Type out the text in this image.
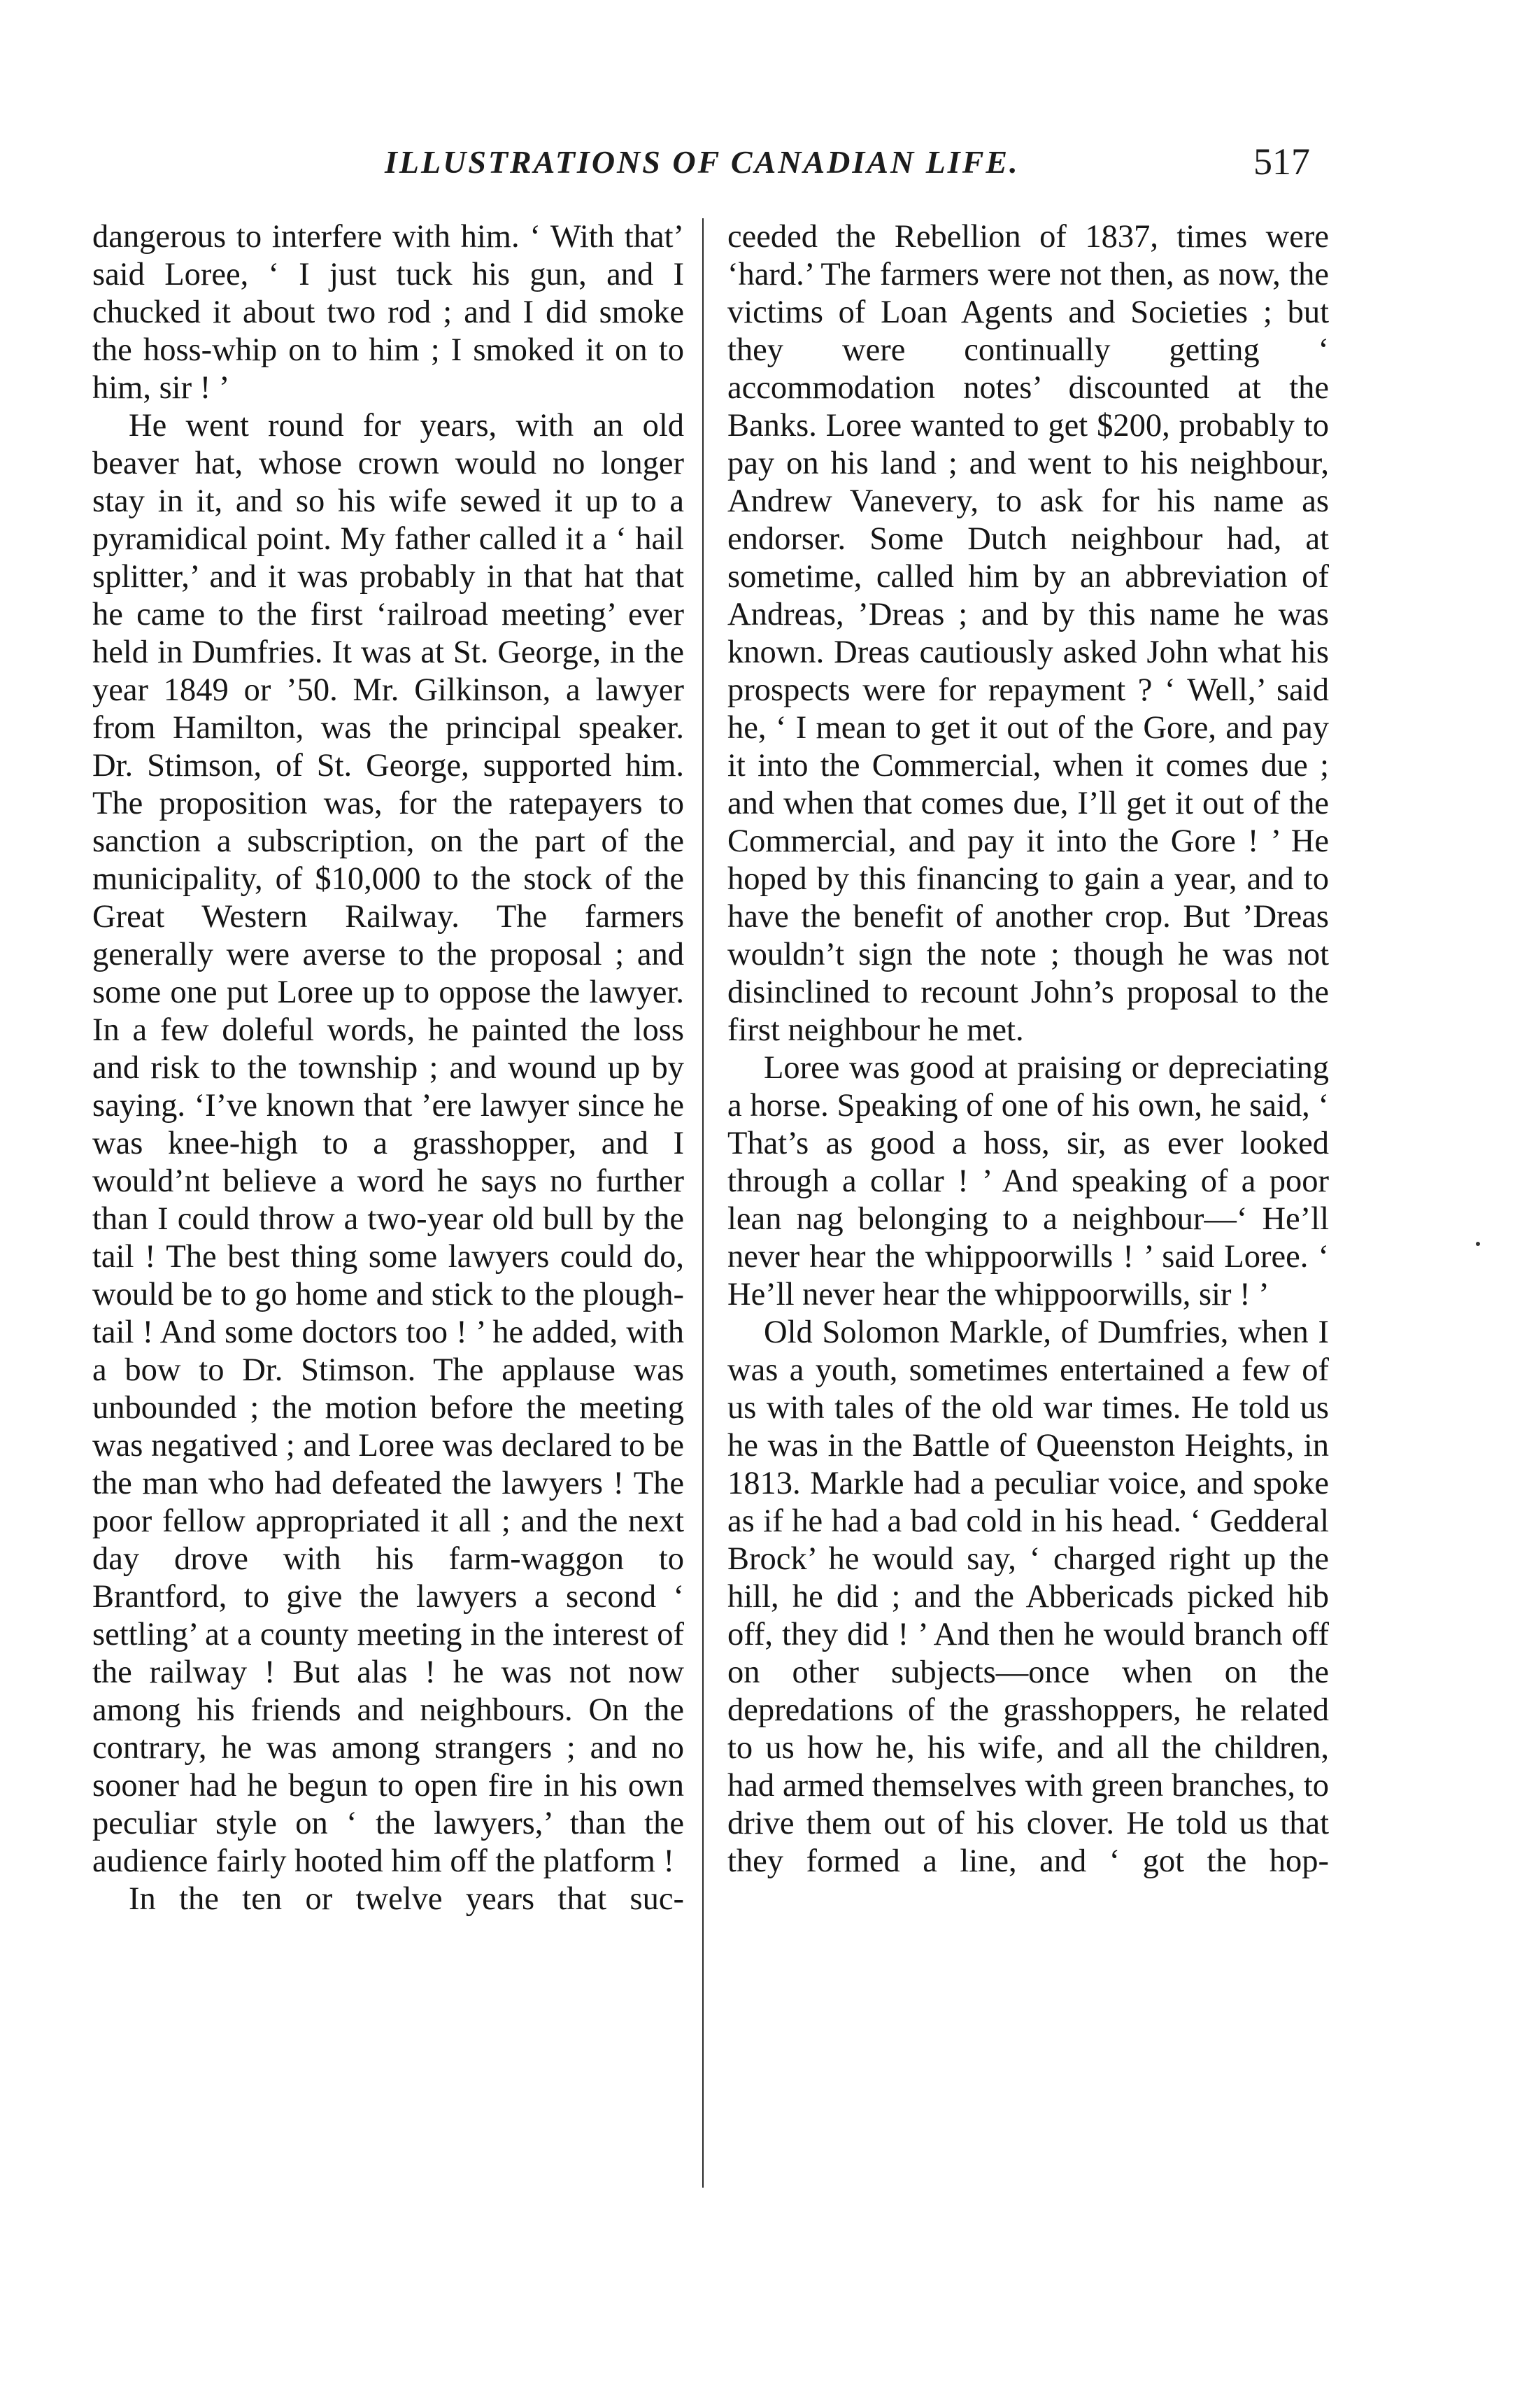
ILLUSTRATIONS OF CANADIAN LIFE.	517

dangerous to interfere with him. ‘ With that’ said Loree, ‘ I just tuck his gun, and I chucked it about two rod ; and I did smoke the hoss-whip on to him ; I smoked it on to him, sir ! ’

He went round for years, with an old beaver hat, whose crown would no longer stay in it, and so his wife sewed it up to a pyramidical point. My father called it a ‘ hail splitter,’ and it was probably in that hat that he came to the first ‘railroad meeting’ ever held in Dumfries. It was at St. George, in the year 1849 or ’50. Mr. Gilkinson, a lawyer from Hamilton, was the principal speaker. Dr. Stimson, of St. George, supported him. The proposition was, for the ratepayers to sanction a subscription, on the part of the municipality, of $10,000 to the stock of the Great Western Railway. The farmers generally were averse to the proposal ; and some one put Loree up to oppose the lawyer. In a few doleful words, he painted the loss and risk to the township ; and wound up by saying. ‘I’ve known that ’ere lawyer since he was knee-high to a grasshopper, and I would’nt believe a word he says no further than I could throw a two-year old bull by the tail ! The best thing some lawyers could do, would be to go home and stick to the plough-tail ! And some doctors too ! ’ he added, with a bow to Dr. Stimson. The applause was unbounded ; the motion before the meeting was negatived ; and Loree was declared to be the man who had defeated the lawyers ! The poor fellow appropriated it all ; and the next day drove with his farm-waggon to Brantford, to give the lawyers a second ‘ settling’ at a county meeting in the interest of the railway ! But alas ! he was not now among his friends and neighbours. On the contrary, he was among strangers ; and no sooner had he begun to open fire in his own peculiar style on ‘ the lawyers,’ than the audience fairly hooted him off the platform !

In the ten or twelve years that suc-

ceeded the Rebellion of 1837, times were ‘hard.’ The farmers were not then, as now, the victims of Loan Agents and Societies ; but they were continually getting ‘ accommodation notes’ discounted at the Banks. Loree wanted to get $200, probably to pay on his land ; and went to his neighbour, Andrew Vanevery, to ask for his name as endorser. Some Dutch neighbour had, at sometime, called him by an abbreviation of Andreas, ’Dreas ; and by this name he was known. Dreas cautiously asked John what his prospects were for repayment ? ‘ Well,’ said he, ‘ I mean to get it out of the Gore, and pay it into the Commercial, when it comes due ; and when that comes due, I’ll get it out of the Commercial, and pay it into the Gore ! ’ He hoped by this financing to gain a year, and to have the benefit of another crop. But ’Dreas wouldn’t sign the note ; though he was not disinclined to recount John’s proposal to the first neighbour he met.

Loree was good at praising or depreciating a horse. Speaking of one of his own, he said, ‘ That’s as good a hoss, sir, as ever looked through a collar ! ’ And speaking of a poor lean nag belonging to a neighbour—‘ He’ll never hear the whippoorwills ! ’ said Loree. ‘ He’ll never hear the whippoorwills, sir ! ’

Old Solomon Markle, of Dumfries, when I was a youth, sometimes entertained a few of us with tales of the old war times. He told us he was in the Battle of Queenston Heights, in 1813. Markle had a peculiar voice, and spoke as if he had a bad cold in his head. ‘ Gedderal Brock’ he would say, ‘ charged right up the hill, he did ; and the Abbericads picked hib off, they did ! ’ And then he would branch off on other subjects—once when on the depredations of the grasshoppers, he related to us how he, his wife, and all the children, had armed themselves with green branches, to drive them out of his clover. He told us that they formed a line, and ‘ got the hop-
